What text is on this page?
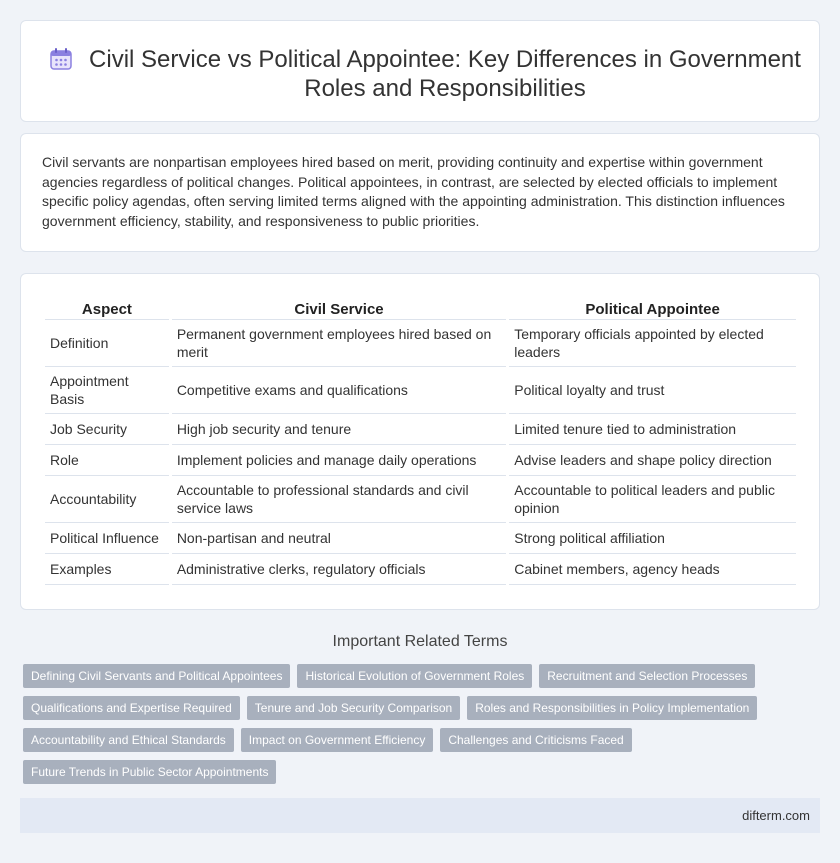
Civil Service vs Political Appointee: Key Differences in Government Roles and Responsibilities

Civil servants are nonpartisan employees hired based on merit, providing continuity and expertise within government agencies regardless of political changes. Political appointees, in contrast, are selected by elected officials to implement specific policy agendas, often serving limited terms aligned with the appointing administration. This distinction influences government efficiency, stability, and responsiveness to public priorities.

Aspect	Civil Service	Political Appointee
Definition	Permanent government employees hired based on merit	Temporary officials appointed by elected leaders
Appointment Basis	Competitive exams and qualifications	Political loyalty and trust
Job Security	High job security and tenure	Limited tenure tied to administration
Role	Implement policies and manage daily operations	Advise leaders and shape policy direction
Accountability	Accountable to professional standards and civil service laws	Accountable to political leaders and public opinion
Political Influence	Non-partisan and neutral	Strong political affiliation
Examples	Administrative clerks, regulatory officials	Cabinet members, agency heads
Important Related Terms
Defining Civil Servants and Political Appointees	Historical Evolution of Government Roles	Recruitment and Selection Processes
Qualifications and Expertise Required	Tenure and Job Security Comparison	Roles and Responsibilities in Policy Implementation
Accountability and Ethical Standards	Impact on Government Efficiency	Challenges and Criticisms Faced
Future Trends in Public Sector Appointments
difterm.com
